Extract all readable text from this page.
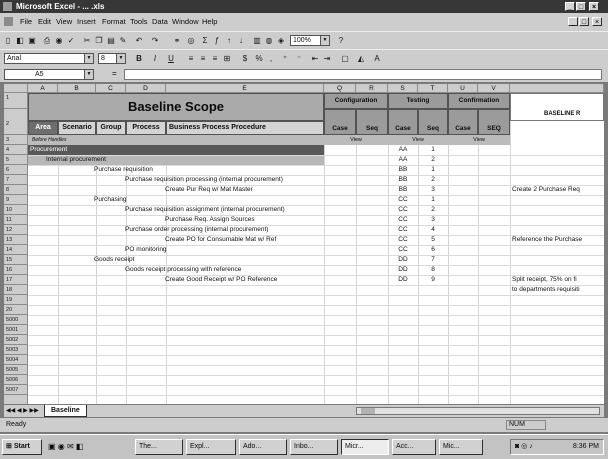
Microsoft Excel - ... .xls	_ □	×
File Edit View Insert Format Tools Data Window Help	_ □	×
▯ ◧ ▣ ⎙ ◉ ✓ ✂ ❐ ▤ ✎ ↶ ↷ ⚭ ◎	Σ ƒ ↑	↓	▥ ◍ ◈	100%	▼	?
Arial	▼	8	▼ B	I	U	≡ ≡ ≡ ⊞	$	% ,	⁺	⁻	⇤ ⇥ ▢ ◭ A
A5	▼	=
A	B	C	D	E	Q	R	S	T	U	V
Baseline Scope	Configuration	Testing	Confirmation
BASELINE R
Area	Scenario	Group	Process	Business Process Procedure	Case	Seq	Case	Seq	Case	SEQ
Before Handles	View	View	View
1
2
3
4
5
6
7
8
9
10
11
12
13
14
15
16
17
18
19
20
5000
5001
5002
5003
5004
5005
5006
5007
Procurement	AA	1
Internal procurement	AA	2
Purchase requisition	BB	1
Purchase requisition processing (internal procurement)	BB	2
Create Pur Req w/ Mat Master	BB	3	Create 2 Purchase Req
Purchasing	CC	1
Purchase requisition assignment (internal procurement)	CC	2
Purchase Req. Assign Sources	CC	3
Purchase order processing (internal procurement)	CC	4
Create PO for Consumable Mat w/ Ref	CC	5	Reference the Purchase
PO monitoring	CC	6
Goods receipt	DD	7
Goods receipt processing with reference	DD	8
Create Good Receipt w/ PO Reference	DD	9	Split receipt, 75% on fi
to departments requisiti
◀◀ ◀ ▶ ▶▶	Baseline
Ready	NUM
⊞ Start	▣ ◉ ✉ ◧	The...	Expl...	Ado...	Inbo...	Micr...	Acc...	Mic...	◙ ◎ ♪	8:36 PM
